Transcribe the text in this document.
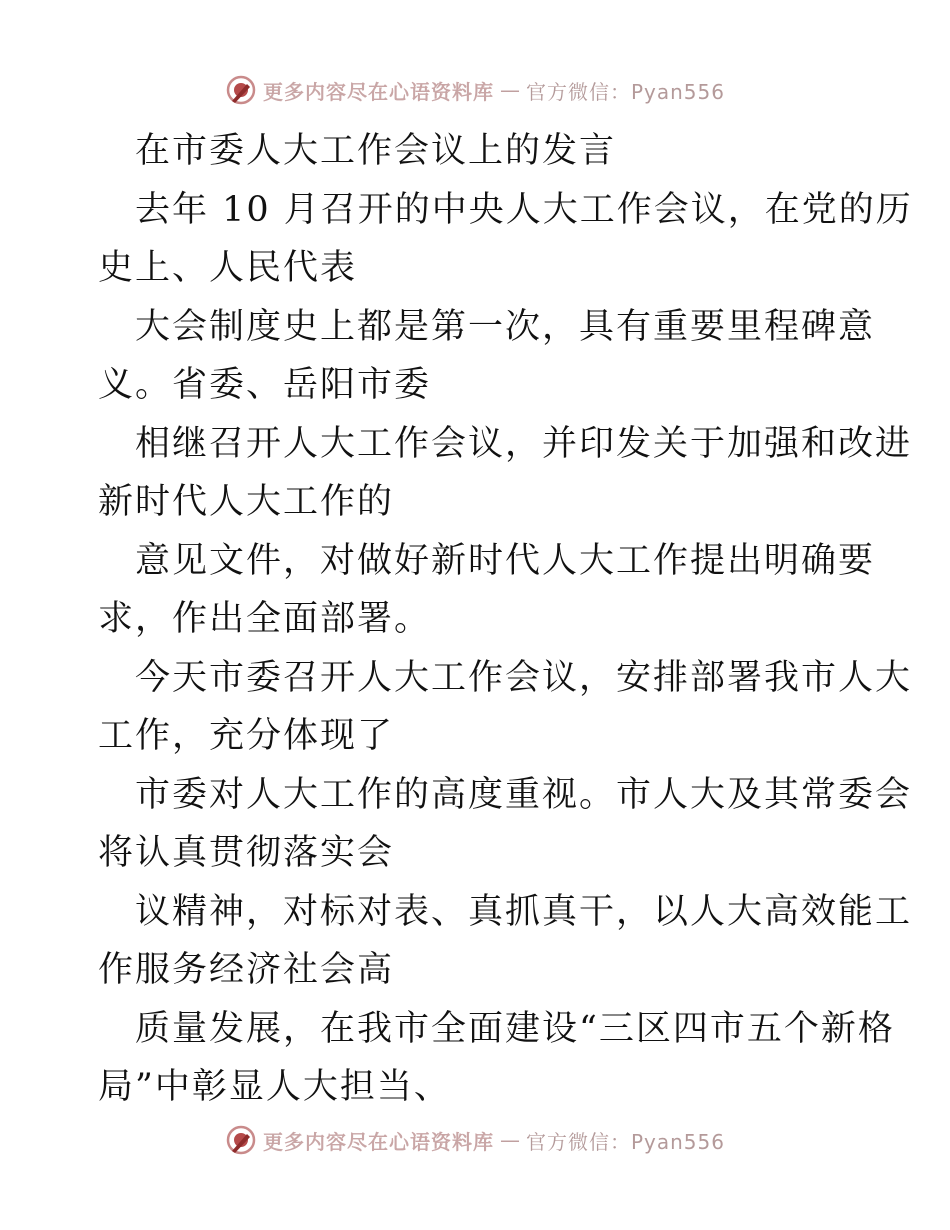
更多内容尽在心语资料库 — 官方微信：Pyan556
在市委人大工作会议上的发言
去年 10 月召开的中央人大工作会议，在党的历
史上、人民代表
大会制度史上都是第一次，具有重要里程碑意
义。省委、岳阳市委
相继召开人大工作会议，并印发关于加强和改进
新时代人大工作的
意见文件，对做好新时代人大工作提出明确要
求，作出全面部署。
今天市委召开人大工作会议，安排部署我市人大
工作，充分体现了
市委对人大工作的高度重视。市人大及其常委会
将认真贯彻落实会
议精神，对标对表、真抓真干，以人大高效能工
作服务经济社会高
质量发展，在我市全面建设“三区四市五个新格
局”中彰显人大担当、
更多内容尽在心语资料库 — 官方微信：Pyan556
